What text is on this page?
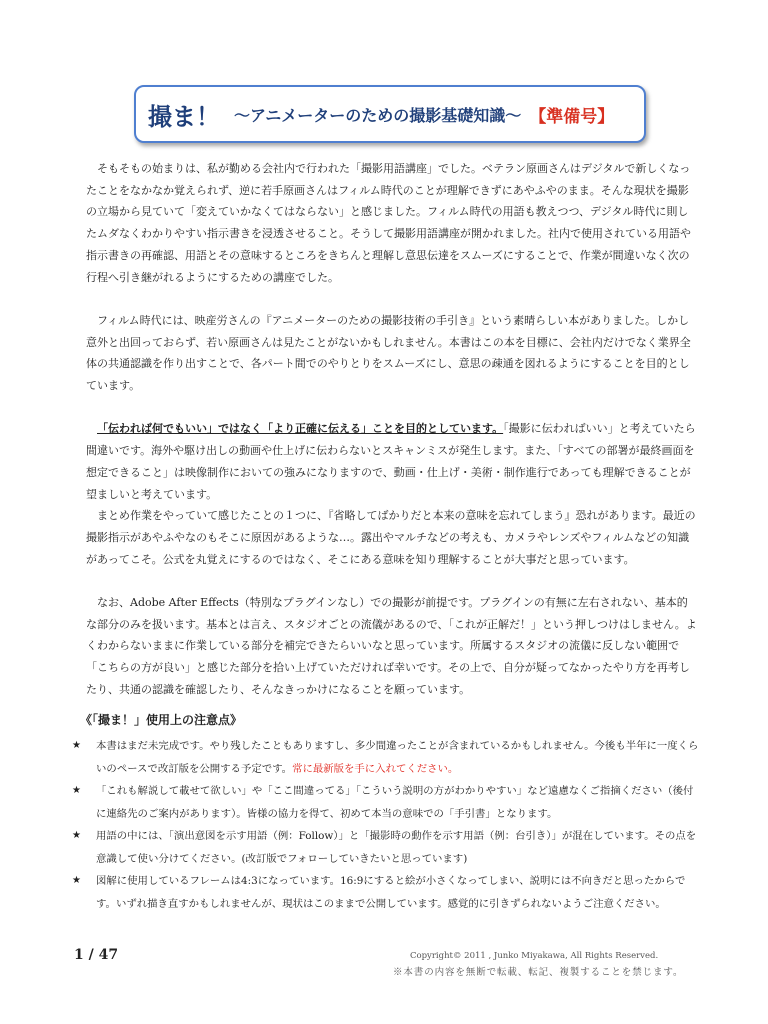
撮ま！ ～アニメーターのための撮影基礎知識～ 【準備号】

そもそもの始まりは、私が勤める会社内で行われた「撮影用語講座」でした。ベテラン原画さんはデジタルで新しくなったことをなかなか覚えられず、逆に若手原画さんはフィルム時代のことが理解できずにあやふやのまま。そんな現状を撮影の立場から見ていて「変えていかなくてはならない」と感じました。フィルム時代の用語も教えつつ、デジタル時代に則したムダなくわかりやすい指示書きを浸透させること。そうして撮影用語講座が開かれました。社内で使用されている用語や指示書きの再確認、用語とその意味するところをきちんと理解し意思伝達をスムーズにすることで、作業が間違いなく次の行程へ引き継がれるようにするための講座でした。

フィルム時代には、映産労さんの『アニメーターのための撮影技術の手引き』という素晴らしい本がありました。しかし意外と出回っておらず、若い原画さんは見たことがないかもしれません。本書はこの本を目標に、会社内だけでなく業界全体の共通認識を作り出すことで、各パート間でのやりとりをスムーズにし、意思の疎通を図れるようにすることを目的としています。

「伝われば何でもいい」ではなく「より正確に伝える」ことを目的としています。「撮影に伝わればいい」と考えていたら間違いです。海外や駆け出しの動画や仕上げに伝わらないとスキャンミスが発生します。また、「すべての部署が最終画面を想定できること」は映像制作においての強みになりますので、動画・仕上げ・美術・制作進行であっても理解できることが望ましいと考えています。

まとめ作業をやっていて感じたことの１つに、『省略してばかりだと本来の意味を忘れてしまう』恐れがあります。最近の撮影指示があやふやなのもそこに原因があるような…。露出やマルチなどの考えも、カメラやレンズやフィルムなどの知識があってこそ。公式を丸覚えにするのではなく、そこにある意味を知り理解することが大事だと思っています。

なお、Adobe After Effects（特別なプラグインなし）での撮影が前提です。プラグインの有無に左右されない、基本的な部分のみを扱います。基本とは言え、スタジオごとの流儀があるので、「これが正解だ！」という押しつけはしません。よくわからないままに作業している部分を補完できたらいいなと思っています。所属するスタジオの流儀に反しない範囲で「こちらの方が良い」と感じた部分を拾い上げていただければ幸いです。その上で、自分が疑ってなかったやり方を再考したり、共通の認識を確認したり、そんなきっかけになることを願っています。

《「撮ま！」使用上の注意点》
★ 本書はまだ未完成です。やり残したこともありますし、多少間違ったことが含まれているかもしれません。今後も半年に一度くらいのペースで改訂版を公開する予定です。常に最新版を手に入れてください。
★ 「これも解説して載せて欲しい」や「ここ間違ってる」「こういう説明の方がわかりやすい」など遠慮なくご指摘ください（後付に連絡先のご案内があります）。皆様の協力を得て、初めて本当の意味での「手引書」となります。
★ 用語の中には、「演出意図を示す用語（例：Follow）」と「撮影時の動作を示す用語（例：台引き）」が混在しています。その点を意識して使い分けてください。(改訂版でフォローしていきたいと思っています)
★ 図解に使用しているフレームは4:3になっています。16:9にすると絵が小さくなってしまい、説明には不向きだと思ったからです。いずれ描き直すかもしれませんが、現状はこのままで公開しています。感覚的に引きずられないようご注意ください。
1 / 47	Copyright© 2011 , Junko Miyakawa, All Rights Reserved.
※本書の内容を無断で転載、転記、複製することを禁じます。
